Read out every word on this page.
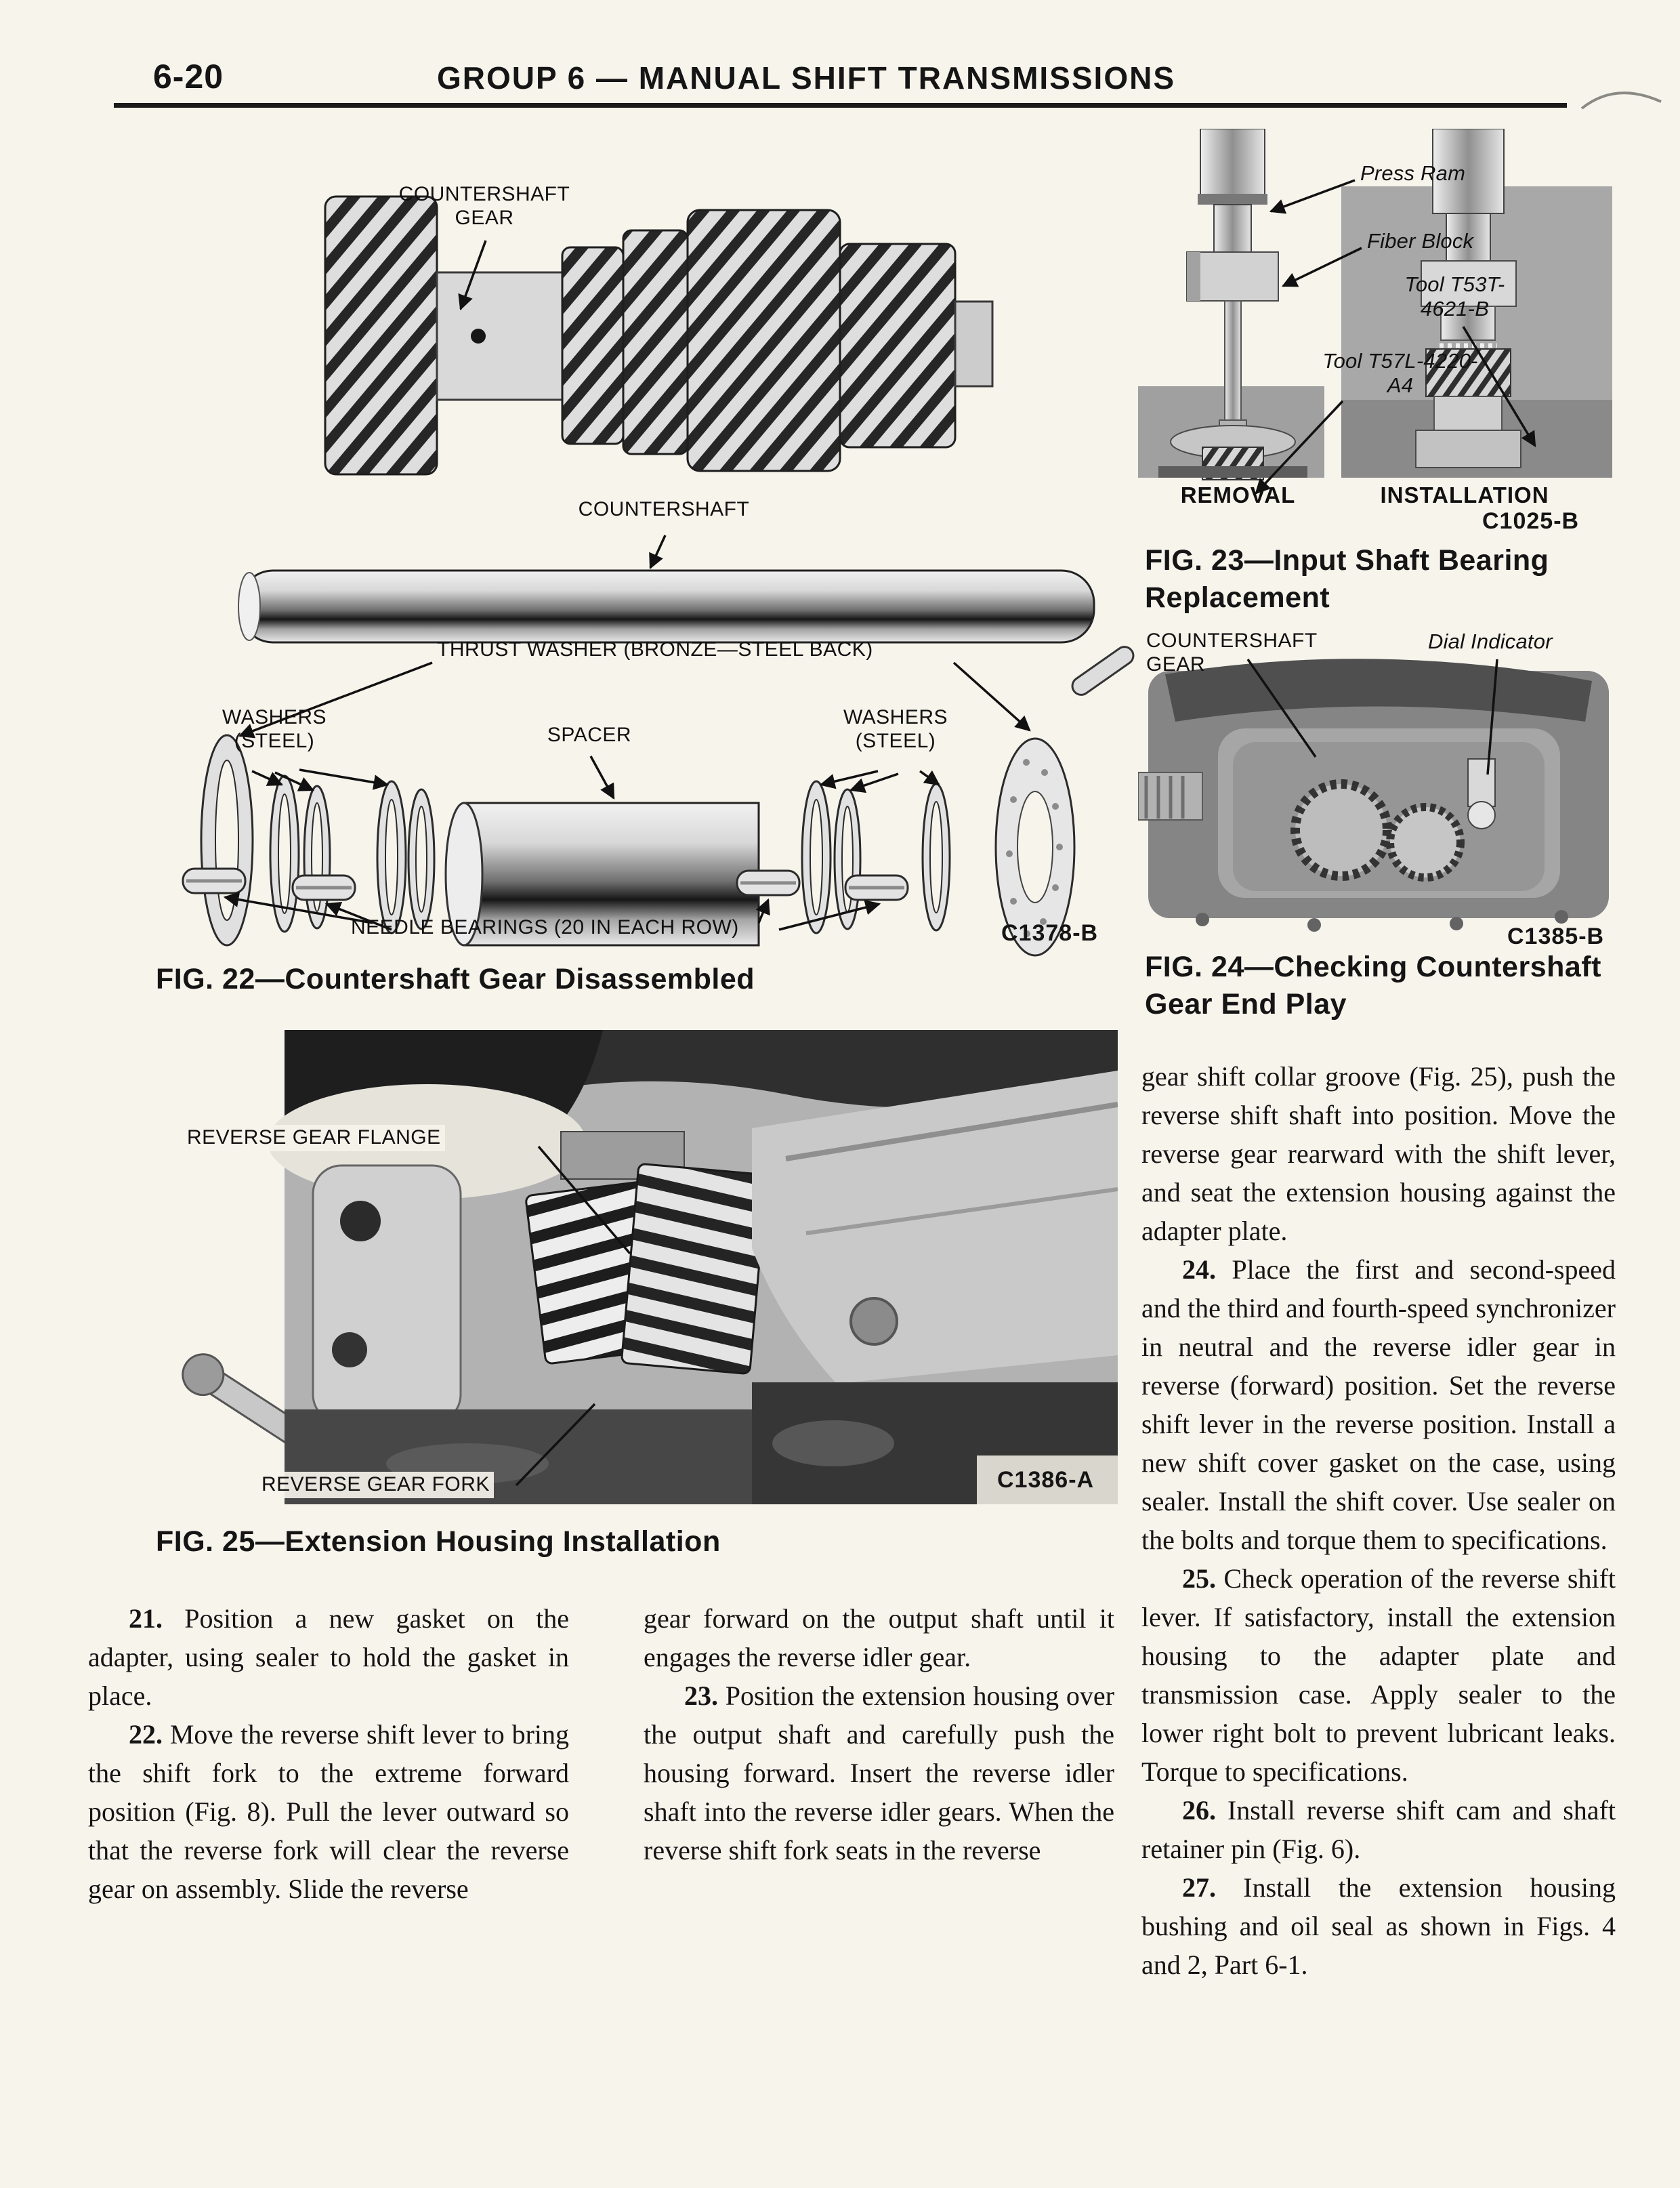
6-20	GROUP 6 — MANUAL SHIFT TRANSMISSIONS
COUNTERSHAFT GEAR
COUNTERSHAFT
THRUST WASHER (BRONZE—STEEL BACK)
WASHERS (STEEL)	SPACER
WASHERS (STEEL)
NEEDLE BEARINGS (20 IN EACH ROW)	C1378-B
FIG. 22—Countershaft Gear Disassembled
Press Ram
Fiber Block
Tool T53T-4621-B
Tool T57L-4220-A4
REMOVAL	INSTALLATION
C1025-B
FIG. 23—Input Shaft Bearing Replacement
COUNTERSHAFT GEAR
Dial Indicator
C1385-B
FIG. 24—Checking Countershaft Gear End Play
REVERSE GEAR FLANGE
REVERSE GEAR FORK	C1386-A
FIG. 25—Extension Housing Installation

21. Position a new gasket on the adapter, using sealer to hold the gasket in place.

22. Move the reverse shift lever to bring the shift fork to the extreme forward position (Fig. 8). Pull the lever outward so that the reverse fork will clear the reverse gear on assembly. Slide the reverse

gear forward on the output shaft until it engages the reverse idler gear.

23. Position the extension housing over the output shaft and carefully push the housing forward. Insert the reverse idler shaft into the reverse idler gears. When the reverse shift fork seats in the reverse

gear shift collar groove (Fig. 25), push the reverse shift shaft into position. Move the reverse gear rearward with the shift lever, and seat the extension housing against the adapter plate.

24. Place the first and second-speed and the third and fourth-speed synchronizer in neutral and the reverse idler gear in reverse (forward) position. Set the reverse shift lever in the reverse position. Install a new shift cover gasket on the case, using sealer. Install the shift cover. Use sealer on the bolts and torque them to specifications.

25. Check operation of the reverse shift lever. If satisfactory, install the extension housing to the adapter plate and transmission case. Apply sealer to the lower right bolt to prevent lubricant leaks. Torque to specifications.

26. Install reverse shift cam and shaft retainer pin (Fig. 6).

27. Install the extension housing bushing and oil seal as shown in Figs. 4 and 2, Part 6-1.
